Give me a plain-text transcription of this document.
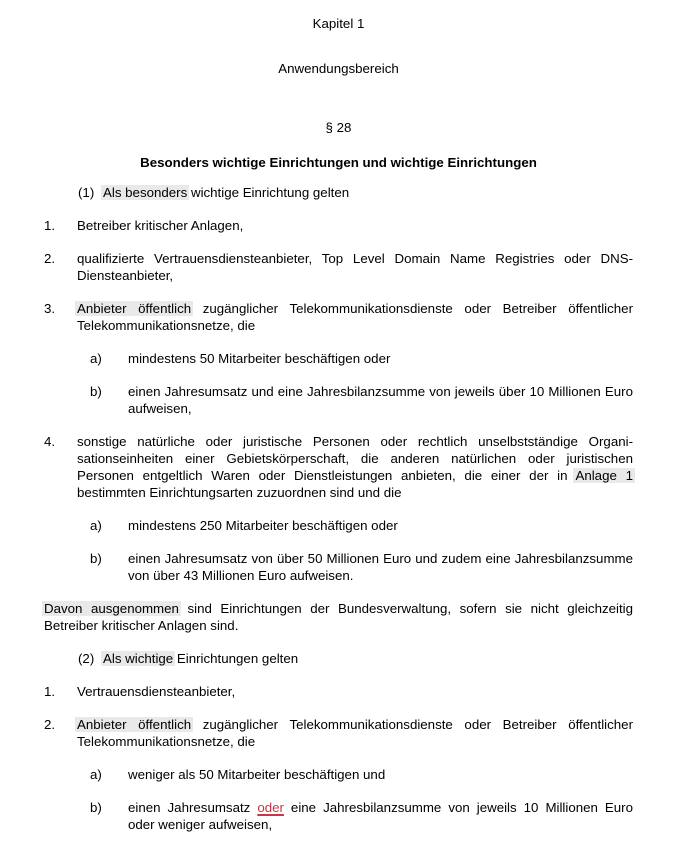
Kapitel 1
Anwendungsbereich
§ 28
Besonders wichtige Einrichtungen und wichtige Einrichtungen
(1) Als besonders wichtige Einrichtung gelten
1.	Betreiber kritischer Anlagen,
2.	qualifizierte Vertrauensdiensteanbieter, Top Level Domain Name Registries oder DNS-Diensteanbieter,
3.	Anbieter öffentlich zugänglicher Telekommunikationsdienste oder Betreiber öffentlicher Telekommunikationsnetze, die
a)	mindestens 50 Mitarbeiter beschäftigen oder
b)	einen Jahresumsatz und eine Jahresbilanzsumme von jeweils über 10 Millionen Euro aufweisen,
4.	sonstige natürliche oder juristische Personen oder rechtlich unselbstständige Organisationseinheiten einer Gebietskörperschaft, die anderen natürlichen oder juristischen Personen entgeltlich Waren oder Dienstleistungen anbieten, die einer der in Anlage 1 bestimmten Einrichtungsarten zuzuordnen sind und die
a)	mindestens 250 Mitarbeiter beschäftigen oder
b)	einen Jahresumsatz von über 50 Millionen Euro und zudem eine Jahresbilanzsumme von über 43 Millionen Euro aufweisen.
Davon ausgenommen sind Einrichtungen der Bundesverwaltung, sofern sie nicht gleichzeitig Betreiber kritischer Anlagen sind.
(2) Als wichtige Einrichtungen gelten
1.	Vertrauensdiensteanbieter,
2.	Anbieter öffentlich zugänglicher Telekommunikationsdienste oder Betreiber öffentlicher Telekommunikationsnetze, die
a)	weniger als 50 Mitarbeiter beschäftigen und
b)	einen Jahresumsatz oder eine Jahresbilanzsumme von jeweils 10 Millionen Euro oder weniger aufweisen,
